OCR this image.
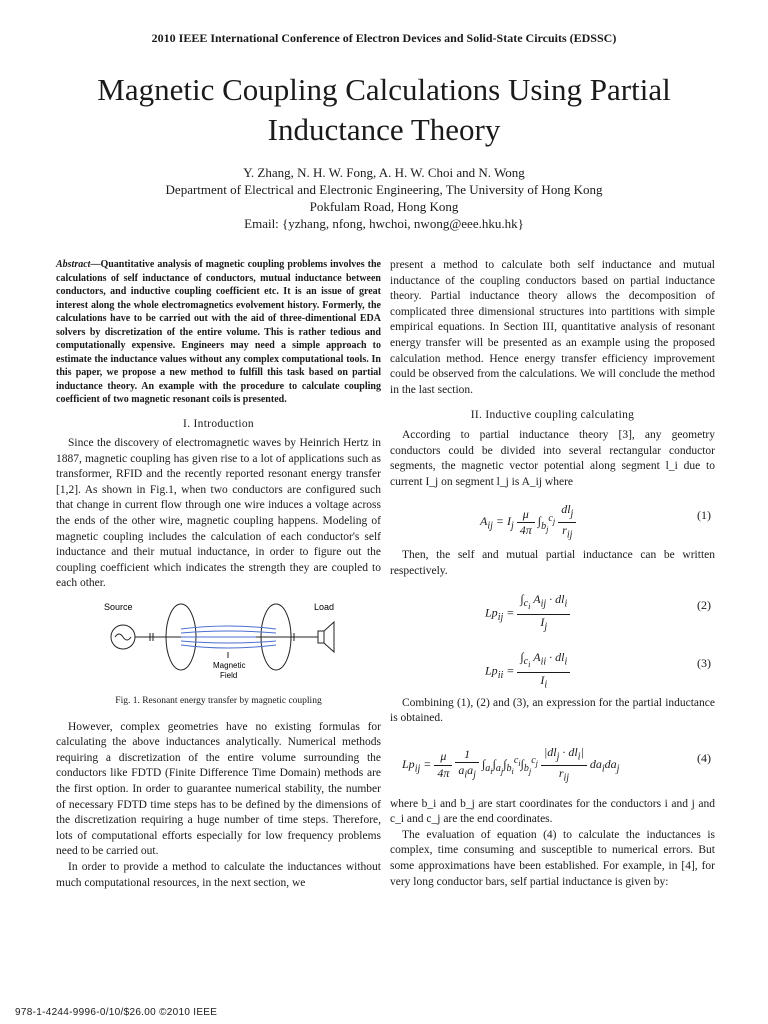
2010 IEEE International Conference of Electron Devices and Solid-State Circuits (EDSSC)
Magnetic Coupling Calculations Using Partial
Inductance Theory
Y. Zhang, N. H. W. Fong, A. H. W. Choi and N. Wong
Department of Electrical and Electronic Engineering, The University of Hong Kong
Pokfulam Road, Hong Kong
Email: {yzhang, nfong, hwchoi, nwong@eee.hku.hk}
Abstract—Quantitative analysis of magnetic coupling problems involves the calculations of self inductance of conductors, mutual inductance between conductors, and inductive coupling coefficient etc. It is an issue of great interest along the whole electromagnetics evolvement history. Formerly, the calculations have to be carried out with the aid of three-dimentional EDA solvers by discretization of the entire volume. This is rather tedious and computationally expensive. Engineers may need a simple approach to estimate the inductance values without any complex computational tools. In this paper, we propose a new method to fulfill this task based on partial inductance theory. An example with the procedure to calculate coupling coefficient of two magnetic resonant coils is presented.
I. Introduction

Since the discovery of electromagnetic waves by Heinrich Hertz in 1887, magnetic coupling has given rise to a lot of applications such as transformer, RFID and the recently reported resonant energy transfer [1,2]. As shown in Fig.1, when two conductors are configured such that change in current flow through one wire induces a voltage across the ends of the other wire, magnetic coupling happens. Modeling of magnetic coupling includes the calculation of each conductor's self inductance and their mutual inductance, in order to figure out the coupling coefficient which indicates the strength they are coupled to each other.

Source	Load
Magnetic
Field
Fig. 1. Resonant energy transfer by magnetic coupling

However, complex geometries have no existing formulas for calculating the above inductances analytically. Numerical methods requiring a discretization of the entire volume surrounding the conductors like FDTD (Finite Difference Time Domain) methods are the first option. In order to guarantee numerical stability, the number of necessary FDTD time steps has to be defined by the dimensions of the discretization requiring a huge number of time steps. Therefore, lots of computational efforts especially for low frequency problems need to be carried out.

In order to provide a method to calculate the inductances without much computational resources, in the next section, we

present a method to calculate both self inductance and mutual inductance of the coupling conductors based on partial inductance theory. Partial inductance theory allows the decomposition of complicated three dimensional structures into partitions with simple empirical equations. In Section III, quantitative analysis of resonant energy transfer will be presented as an example using the proposed calculation method. Hence energy transfer efficiency improvement could be observed from the calculations. We will conclude the method in the last section.

II. Inductive coupling calculating

According to partial inductance theory [3], any geometry conductors could be divided into several rectangular conductor segments, the magnetic vector potential along segment l_i due to current I_j on segment l_j is A_ij where

$A_{ij} = I_j \frac{\mu}{4\pi} \int_{b_j}^{c_j} \frac{dl_j}{r_{ij}}$	(1)

Then, the self and mutual partial inductance can be written respectively.

$Lp_{ij} = \frac{\int_{c_i} A_{ij} \cdot dl_i}{I_j}$	(2)
$Lp_{ii} = \frac{\int_{c_i} A_{ii} \cdot dl_i}{I_i}$	(3)

Combining (1), (2) and (3), an expression for the partial inductance is obtained.

$Lp_{ij} = \frac{\mu}{4\pi}$
$\frac{1}{a_ia_j} \int_{a_i}\int_{a_j}\int_{b_i}^{c_i}\int_{b_j}^{c_j} \frac{|dl_j \cdot dl_i|}{r_{ij}} da_ida_j$
(4)

where b_i and b_j are start coordinates for the conductors i and j and c_i and c_j are the end coordinates.

The evaluation of equation (4) to calculate the inductances is complex, time consuming and susceptible to numerical errors. But some approximations have been established. For example, in [4], for very long conductor bars, self partial inductance is given by:

978-1-4244-9996-0/10/$26.00 ©2010 IEEE
